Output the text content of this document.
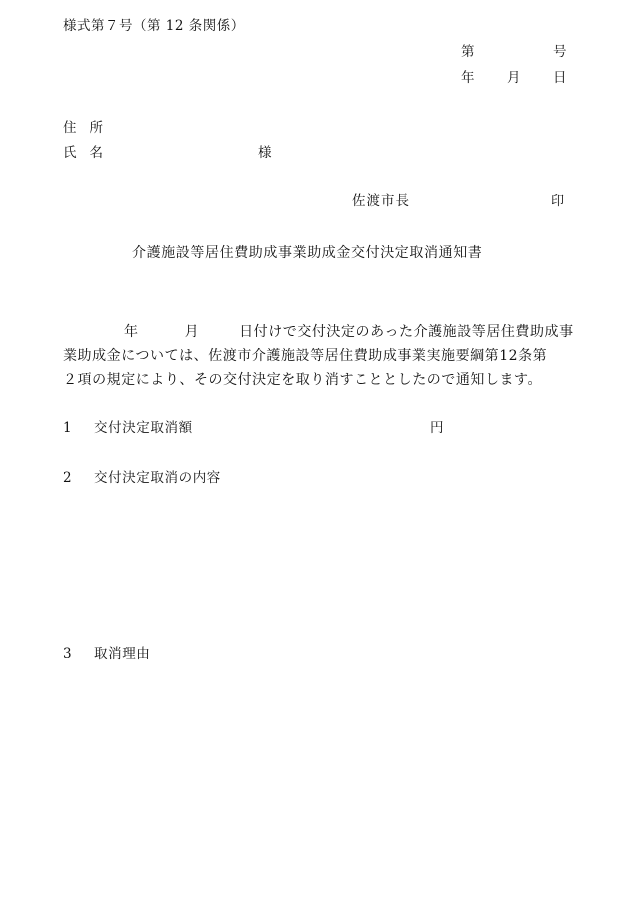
様式第７号（第 12 条関係）
第	号
年 月 日
住所
氏名	様
佐渡市長	印
介護施設等居住費助成事業助成金交付決定取消通知書
年	月	日付けで交付決定のあった介護施設等居住費助成事
業助成金については、佐渡市介護施設等居住費助成事業実施要綱第12条第
２項の規定により、その交付決定を取り消すこととしたので通知します。
1 交付決定取消額	円
2 交付決定取消の内容
3 取消理由
